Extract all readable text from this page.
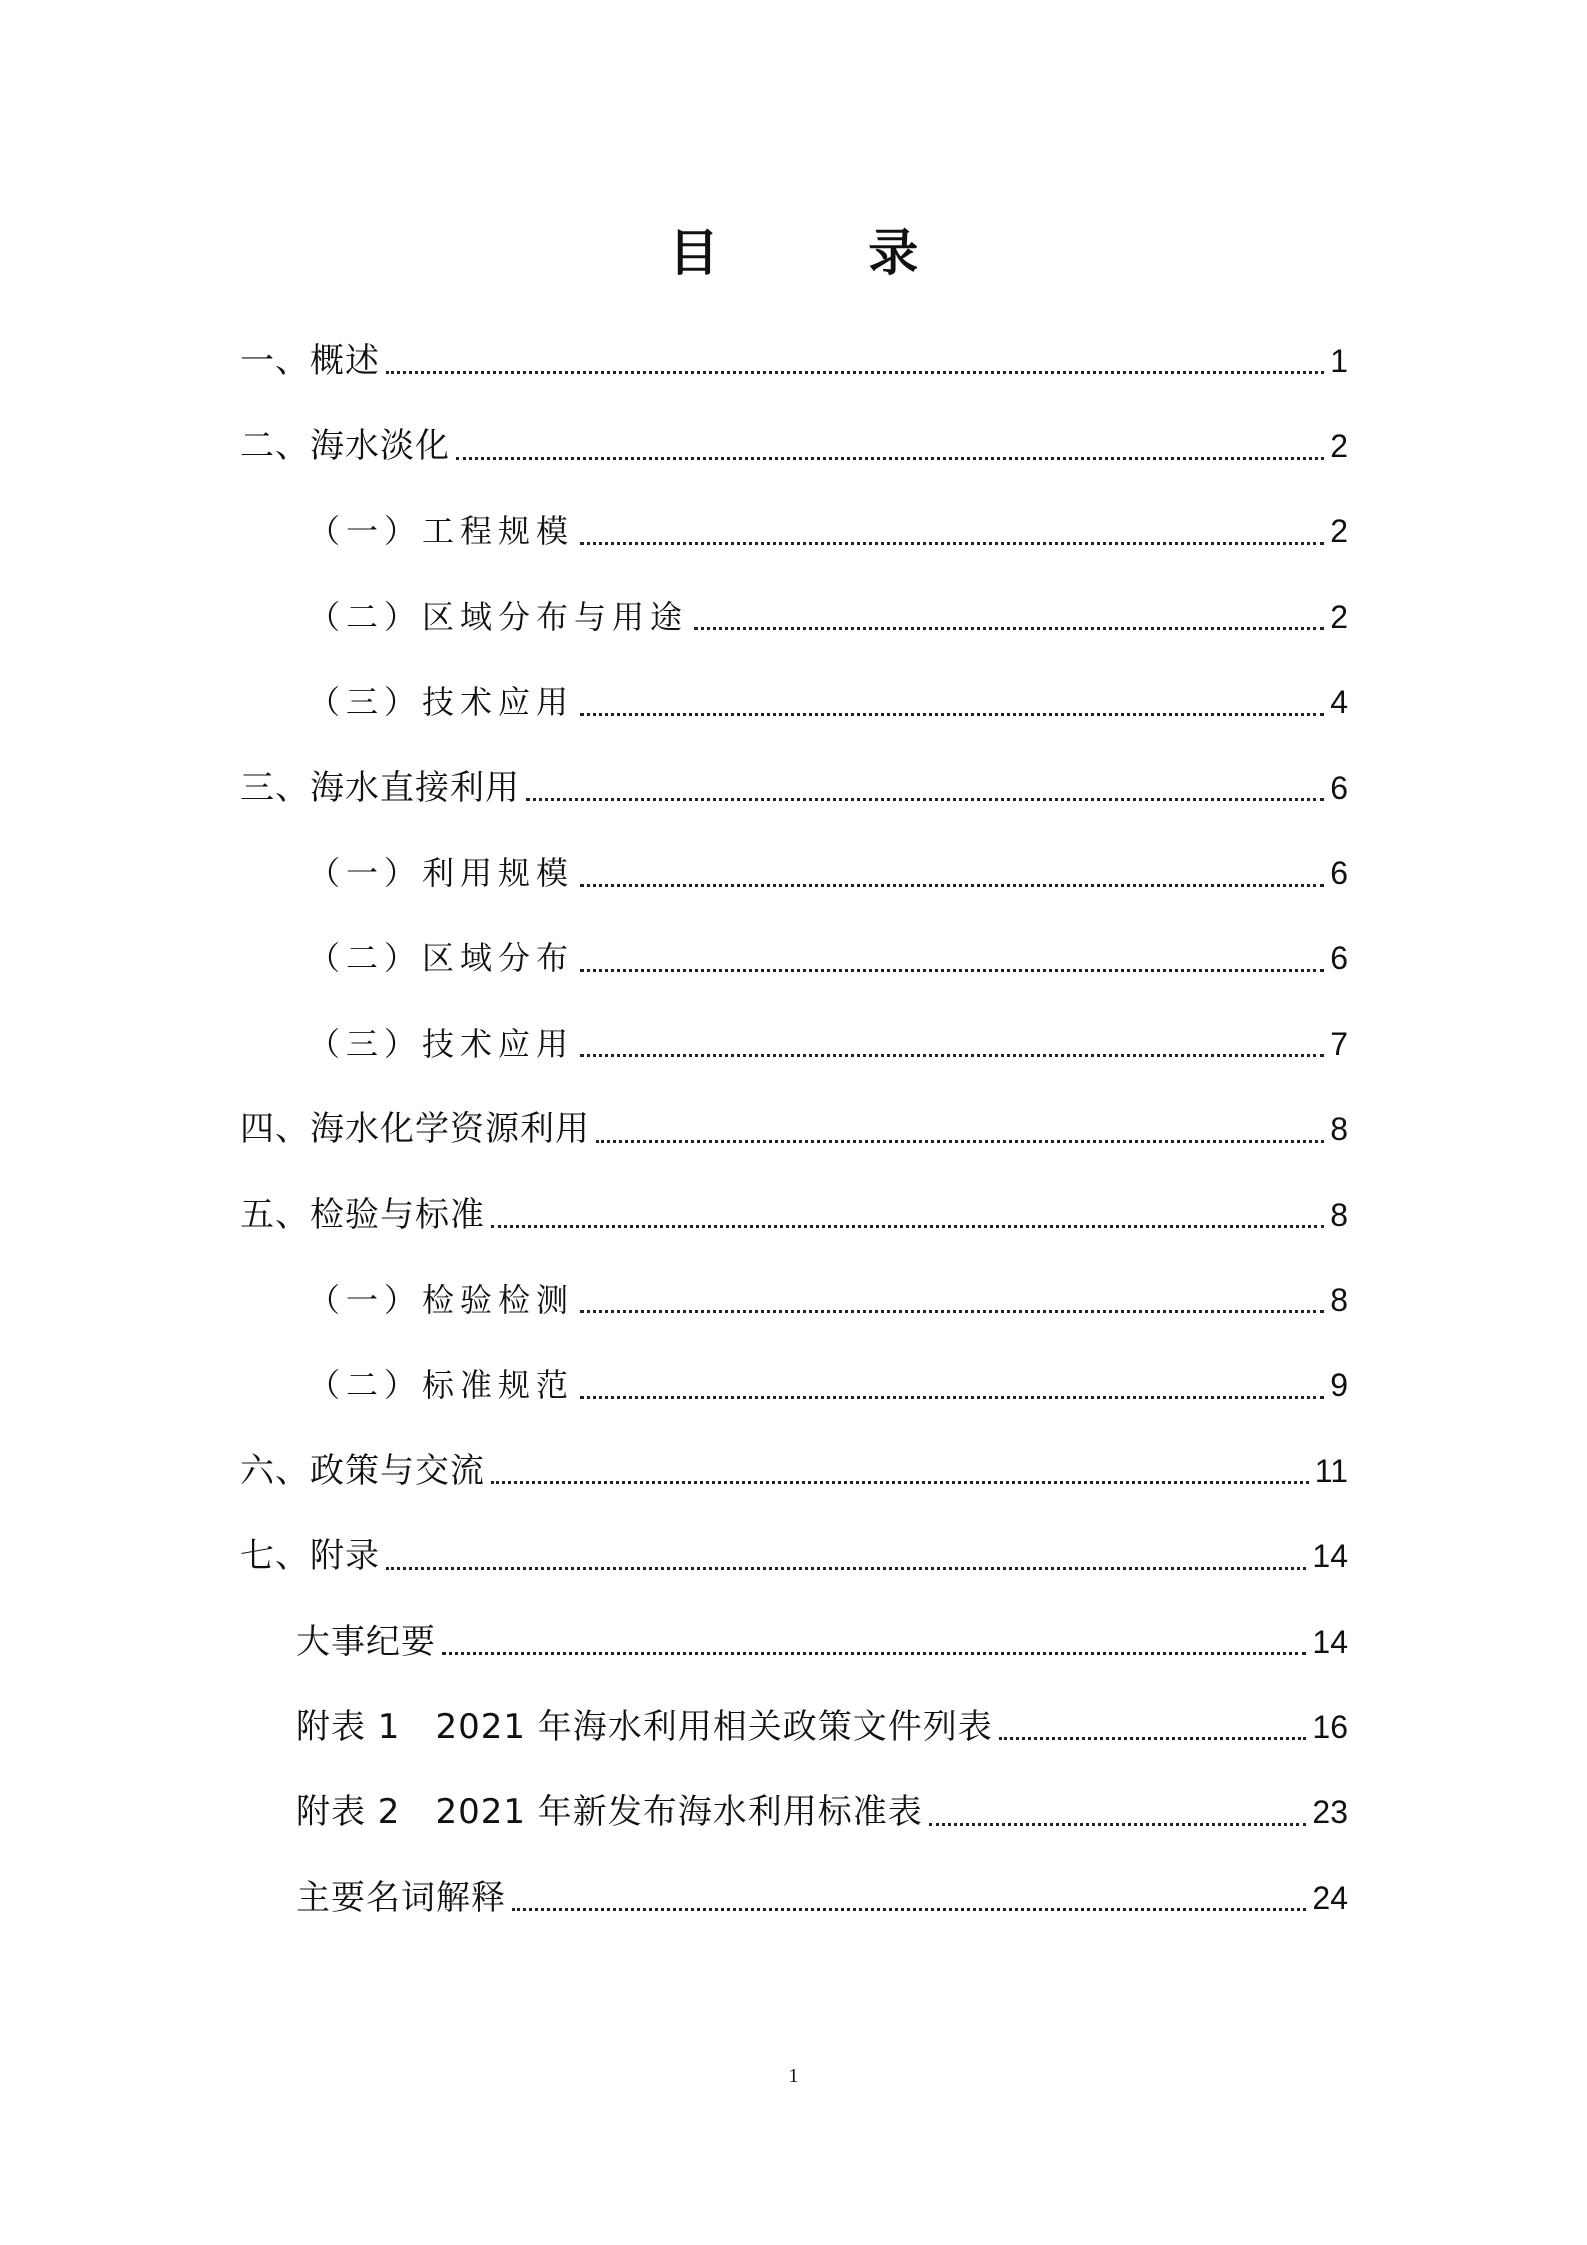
目 录
一、概述	1
二、海水淡化	2
（一）工程规模	2
（二）区域分布与用途	2
（三）技术应用	4
三、海水直接利用	6
（一）利用规模	6
（二）区域分布	6
（三）技术应用	7
四、海水化学资源利用	8
五、检验与标准	8
（一）检验检测	8
（二）标准规范	9
六、政策与交流	11
七、附录	14
大事纪要	14
附表 1　2021 年海水利用相关政策文件列表	16
附表 2　2021 年新发布海水利用标准表	23
主要名词解释	24
1
